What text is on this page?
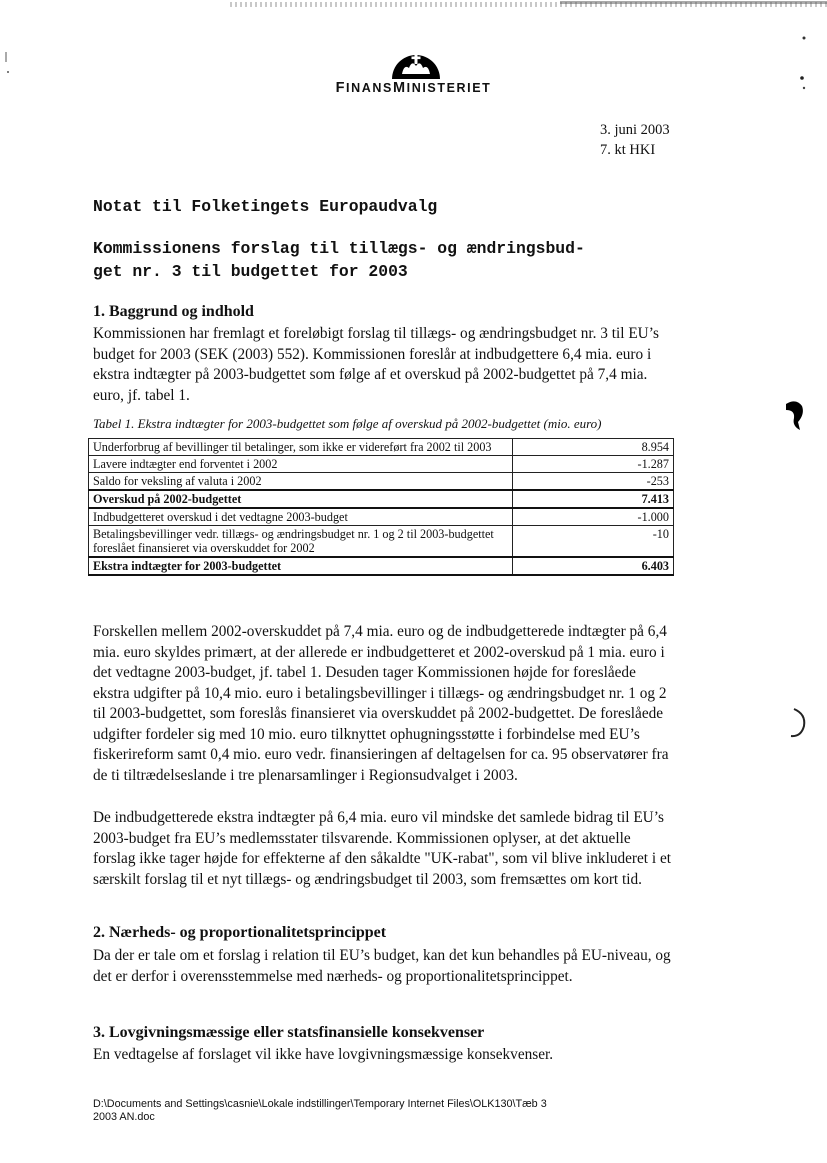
FINANSMINISTERIET
3. juni 2003
7. kt HKI

Notat til Folketingets Europaudvalg

Kommissionens forslag til tillægs- og ændringsbud-
get nr. 3 til budgettet for 2003

1. Baggrund og indhold

Kommissionen har fremlagt et foreløbigt forslag til tillægs- og ændringsbudget nr. 3 til EU’s budget for 2003 (SEK (2003) 552). Kommissionen foreslår at indbudgettere 6,4 mia. euro i ekstra indtægter på 2003-budgettet som følge af et overskud på 2002-budgettet på 7,4 mia. euro, jf. tabel 1.

Tabel 1. Ekstra indtægter for 2003-budgettet som følge af overskud på 2002-budgettet (mio. euro)

Underforbrug af bevillinger til betalinger, som ikke er videreført fra 2002 til 2003	8.954
Lavere indtægter end forventet i 2002	-1.287
Saldo for veksling af valuta i 2002	-253
Overskud på 2002-budgettet	7.413
Indbudgetteret overskud i det vedtagne 2003-budget	-1.000
Betalingsbevillinger vedr. tillægs- og ændringsbudget nr. 1 og 2 til 2003-budgettet foreslået finansieret via overskuddet for 2002	-10
Ekstra indtægter for 2003-budgettet	6.403

Forskellen mellem 2002-overskuddet på 7,4 mia. euro og de indbudgetterede indtægter på 6,4 mia. euro skyldes primært, at der allerede er indbudgetteret et 2002-overskud på 1 mia. euro i det vedtagne 2003-budget, jf. tabel 1. Desuden tager Kommissionen højde for foreslåede ekstra udgifter på 10,4 mio. euro i betalingsbevillinger i tillægs- og ændringsbudget nr. 1 og 2 til 2003-budgettet, som foreslås finansieret via overskuddet på 2002-budgettet. De foreslåede udgifter fordeler sig med 10 mio. euro tilknyttet ophugningsstøtte i forbindelse med EU’s fiskerireform samt 0,4 mio. euro vedr. finansieringen af deltagelsen for ca. 95 observatører fra de ti tiltrædelseslande i tre plenarsamlinger i Regionsudvalget i 2003.

De indbudgetterede ekstra indtægter på 6,4 mia. euro vil mindske det samlede bidrag til EU’s 2003-budget fra EU’s medlemsstater tilsvarende. Kommissionen oplyser, at det aktuelle forslag ikke tager højde for effekterne af den såkaldte "UK-rabat", som vil blive inkluderet i et særskilt forslag til et nyt tillægs- og ændringsbudget til 2003, som fremsættes om kort tid.

2. Nærheds- og proportionalitetsprincippet

Da der er tale om et forslag i relation til EU’s budget, kan det kun behandles på EU-niveau, og det er derfor i overensstemmelse med nærheds- og proportionalitetsprincippet.

3. Lovgivningsmæssige eller statsfinansielle konsekvenser

En vedtagelse af forslaget vil ikke have lovgivningsmæssige konsekvenser.

D:\Documents and Settings\casnie\Lokale indstillinger\Temporary Internet Files\OLK130\Tæb 3
2003 AN.doc
